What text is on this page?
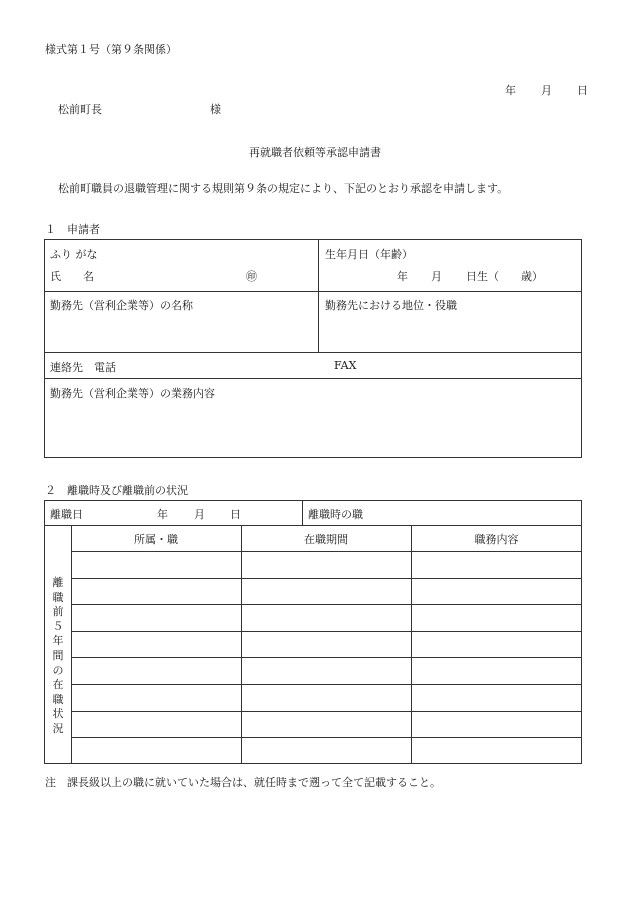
様式第１号（第９条関係）
年 月 日
松前町長	様
再就職者依頼等承認申請書
松前町職員の退職管理に関する規則第９条の規定により、下記のとおり承認を申請します。
１　申請者
ふり がな
氏　　名	㊞
生年月日（年齢）
年 月 日生（　　歳）
勤務先（営利企業等）の名称	勤務先における地位・役職
連絡先　電話	FAX
勤務先（営利企業等）の業務内容
２　離職時及び離職前の状況
離職日	年 月 日	離職時の職
所属・職	在職期間	職務内容
離
職
前
５
年
間
の
在
職
状
況
注　課長級以上の職に就いていた場合は、就任時まで遡って全て記載すること。
